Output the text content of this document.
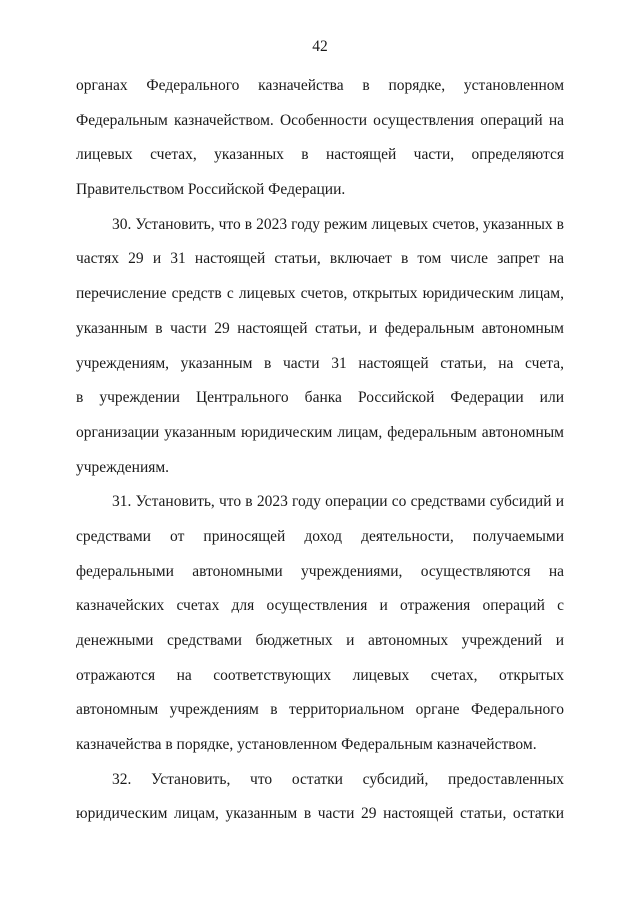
42
органах Федерального казначейства в порядке, установленном
Федеральным казначейством. Особенности осуществления операций на
лицевых счетах, указанных в настоящей части, определяются
Правительством Российской Федерации.
30. Установить, что в 2023 году режим лицевых счетов, указанных в
частях 29 и 31 настоящей статьи, включает в том числе запрет на
перечисление средств с лицевых счетов, открытых юридическим лицам,
указанным в части 29 настоящей статьи, и федеральным автономным
учреждениям, указанным в части 31 настоящей статьи, на счета,
в учреждении Центрального банка Российской Федерации или
организации указанным юридическим лицам, федеральным автономным
учреждениям.
31. Установить, что в 2023 году операции со средствами субсидий и
средствами от приносящей доход деятельности, получаемыми
федеральными автономными учреждениями, осуществляются на
казначейских счетах для осуществления и отражения операций с
денежными средствами бюджетных и автономных учреждений и
отражаются на соответствующих лицевых счетах, открытых
автономным учреждениям в территориальном органе Федерального
казначейства в порядке, установленном Федеральным казначейством.
32. Установить, что остатки субсидий, предоставленных
юридическим лицам, указанным в части 29 настоящей статьи, остатки
